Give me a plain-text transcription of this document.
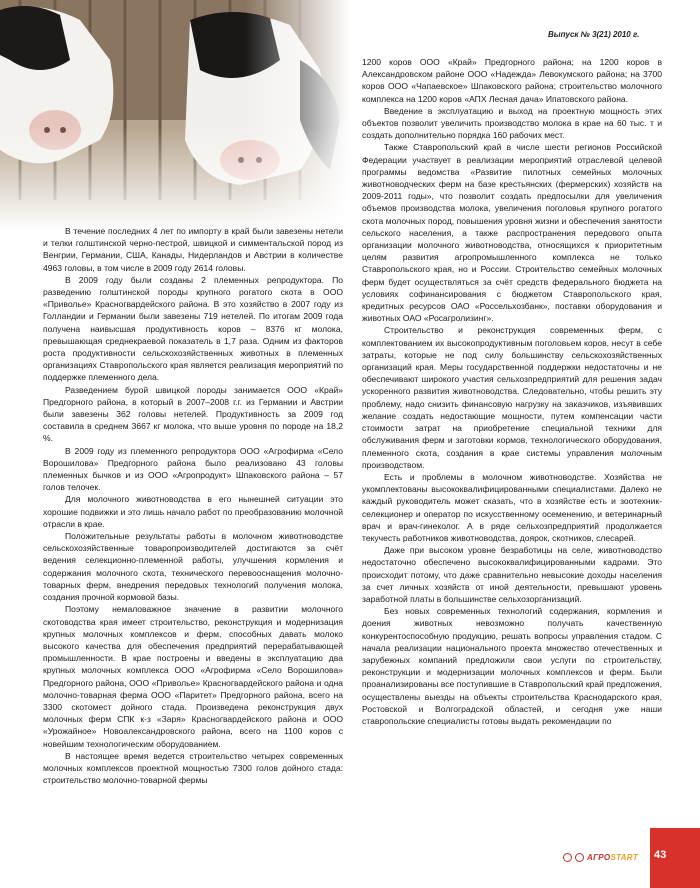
Выпуск № 3(21) 2010 г.

В течение последних 4 лет по импорту в край были завезены нетели и телки голштинской черно-пестрой, швицкой и симментальской пород из Венгрии, Германии, США, Канады, Нидерландов и Австрии в количестве 4963 головы, в том числе в 2009 году 2614 головы.

В 2009 году были созданы 2 племенных репродуктора. По разведению голштинской породы крупного рогатого скота в ООО «Приволье» Красногвардейского района. В это хозяйство в 2007 году из Голландии и Германии были завезены 719 нетелей. По итогам 2009 года получена наивысшая продуктивность коров – 8376 кг молока, превышающая среднекраевой показатель в 1,7 раза. Одним из факторов роста продуктивности сельскохозяйственных животных в племенных организациях Ставропольского края является реализация мероприятий по поддержке племенного дела.

Разведением бурой швицкой породы занимается ООО «Край» Предгорного района, в который в 2007–2008 г.г. из Германии и Австрии были завезены 362 головы нетелей. Продуктивность за 2009 год составила в среднем 3667 кг молока, что выше уровня по породе на 18,2 %.

В 2009 году из племенного репродуктора ООО «Агрофирма «Село Ворошилова» Предгорного района было реализовано 43 головы племенных бычков и из ООО «Агропродукт» Шпаковского района – 57 голов телочек.

Для молочного животноводства в его нынешней ситуации это хорошие подвижки и это лишь начало работ по преобразованию молочной отрасли в крае.

Положительные результаты работы в молочном животноводстве сельскохозяйственные товаропроизводителей достигаются за счёт ведения селекционно-племенной работы, улучшения кормления и содержания молочного скота, технического перевооснащения молочно-товарных ферм, внедрения передовых технологий получения молока, создания прочной кормовой базы.

Поэтому немаловажное значение в развитии молочного скотоводства края имеет строительство, реконструкция и модернизация крупных молочных комплексов и ферм, способных давать молоко высокого качества для обеспечения предприятий перерабатывающей промышленности. В крае построены и введены в эксплуатацию два крупных молочных комплекса ООО «Агрофирма «Село Ворошилова» Предгорного района, ООО «Приволье» Красногвардейского района и одна молочно-товарная ферма ООО «Паритет» Предгорного района, всего на 3300 скотомест дойного стада. Произведена реконструкция двух молочных ферм СПК к-з «Заря» Красногвардейского района и ООО «Урожайное» Новоалександровского района, всего на 1100 коров с новейшим технологическим оборудованием.

В настоящее время ведется строительство четырех современных молочных комплексов проектной мощностью 7300 голов дойного стада: строительство молочно-товарной фермы

1200 коров ООО «Край» Предгорного района; на 1200 коров в Александровском районе ООО «Надежда» Левокумского района; на 3700 коров ООО «Чапаевское» Шпаковского района; строительство молочного комплекса на 1200 коров «АПХ Лесная дача» Ипатовского района.

Введение в эксплуатацию и выход на проектную мощность этих объектов позволит увеличить производство молока в крае на 60 тыс. т и создать дополнительно порядка 160 рабочих мест.

Также Ставропольский край в числе шести регионов Российской Федерации участвует в реализации мероприятий отраслевой целевой программы ведомства «Развитие пилотных семейных молочных животноводческих ферм на базе крестьянских (фермерских) хозяйств на 2009-2011 годы», что позволит создать предпосылки для увеличения объемов производства молока, увеличения поголовья крупного рогатого скота молочных пород, повышения уровня жизни и обеспечения занятости сельского населения, а также распространения передового опыта организации молочного животноводства, относящихся к приоритетным целям развития агропромышленного комплекса не только Ставропольского края, но и России. Строительство семейных молочных ферм будет осуществляться за счёт средств федерального бюджета на условиях софинансирования с бюджетом Ставропольского края, кредитных ресурсов ОАО «Россельхозбанк», поставки оборудования и животных ОАО «Росагролизинг».

Строительство и реконструкция современных ферм, с комплектованием их высокопродуктивным поголовьем коров, несут в себе затраты, которые не под силу большинству сельскохозяйственных организаций края. Меры государственной поддержки недостаточны и не обеспечивают широкого участия сельхозпредприятий для решения задач ускоренного развития животноводства. Следовательно, чтобы решить эту проблему, надо снизить финансовую нагрузку на заказчиков, изъявивших желание создать недостающие мощности, путем компенсации части стоимости затрат на приобретение специальной техники для обслуживания ферм и заготовки кормов, технологического оборудования, племенного скота, создания в крае системы управления молочным производством.

Есть и проблемы в молочном животноводстве. Хозяйства не укомплектованы высококвалифицированными специалистами. Далеко не каждый руководитель может сказать, что в хозяйстве есть и зоотехник-селекционер и оператор по искусственному осеменению, и ветеринарный врач и врач-гинеколог. А в ряде сельхозпредприятий продолжается текучесть работников животноводства, доярок, скотников, слесарей.

Даже при высоком уровне безработицы на селе, животноводство недостаточно обеспечено высококвалифицированными кадрами. Это происходит потому, что даже сравнительно невысокие доходы населения за счет личных хозяйств от иной деятельности, превышают уровень заработной платы в большинстве сельхозорганизаций.

Без новых современных технологий содержания, кормления и доения животных невозможно получать качественную конкурентоспособную продукцию, решать вопросы управления стадом. С начала реализации национального проекта множество отечественных и зарубежных компаний предложили свои услуги по строительству, реконструкции и модернизации молочных комплексов и ферм. Были проанализированы все поступившие в Ставропольский край предложения, осуществлены выезды на объекты строительства Краснодарского края, Ростовской и Волгоградской областей, и сегодня уже наши ставропольские специалисты готовы выдать рекомендации по

АГРОSTART 43
